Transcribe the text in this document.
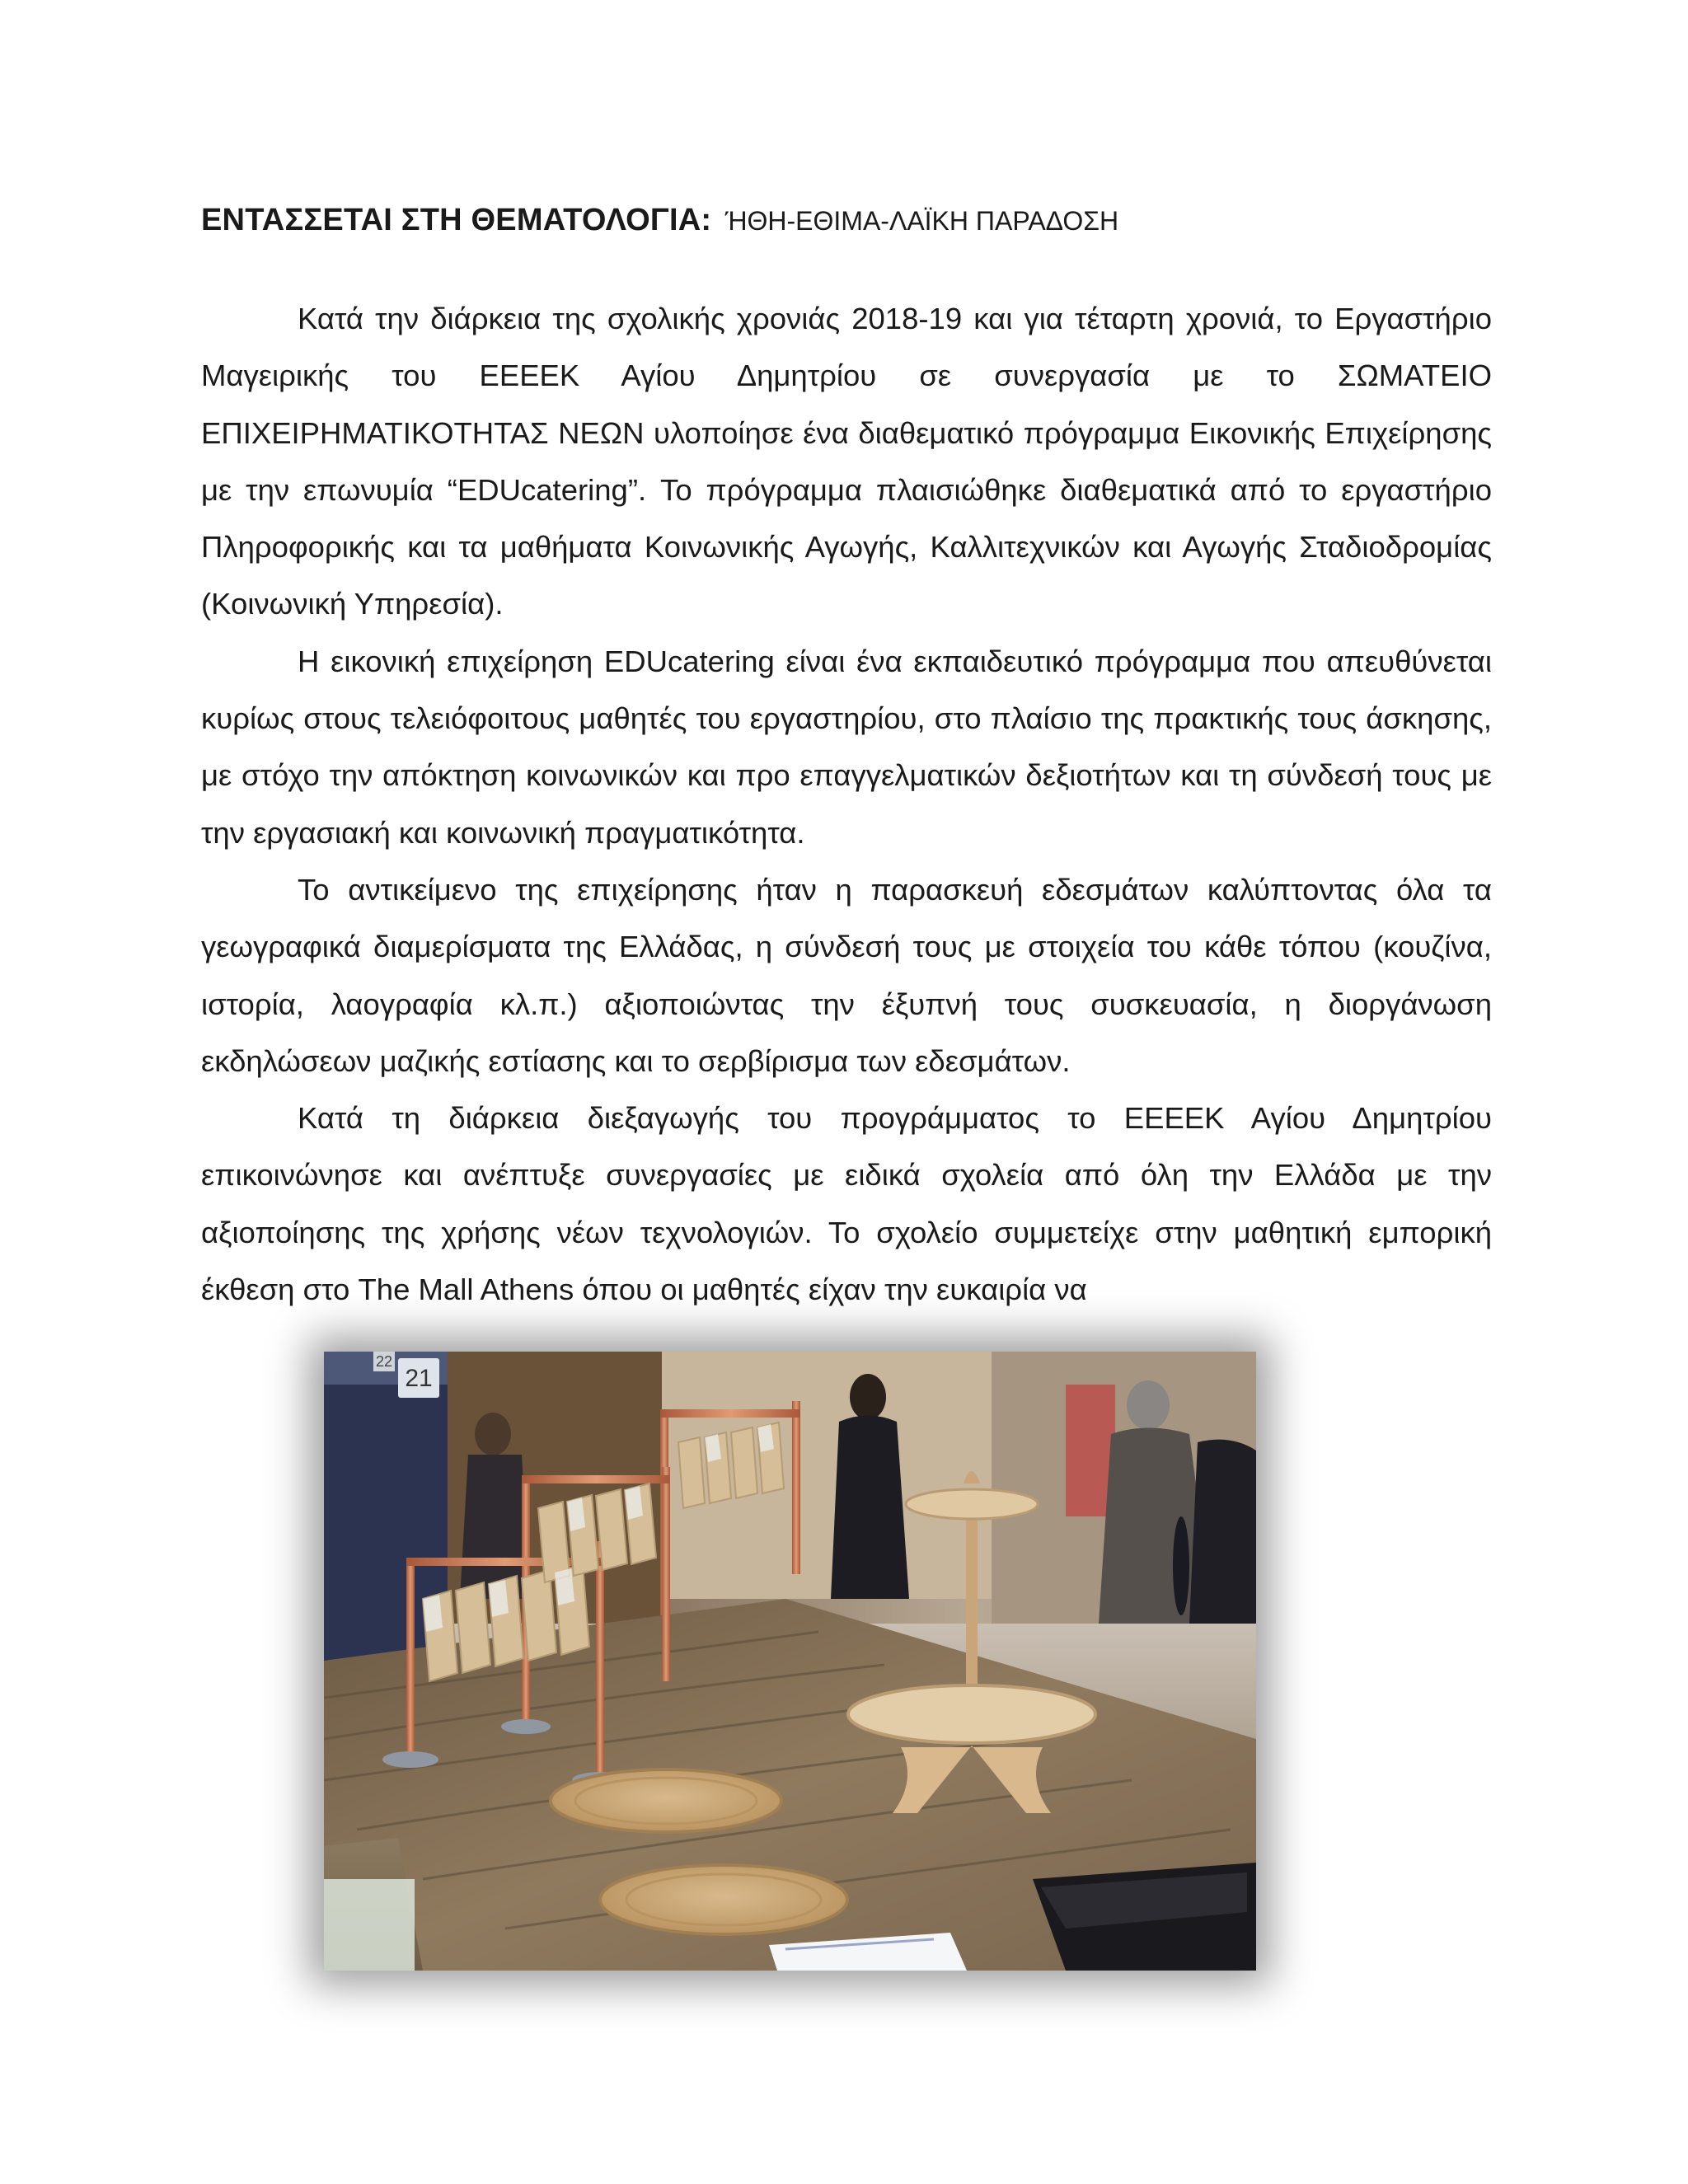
ΕΝΤΑΣΣΕΤΑΙ ΣΤΗ ΘΕΜΑΤΟΛΟΓΙΑ: ΉΘΗ-ΕΘΙΜΑ-ΛΑΪΚΗ ΠΑΡΑΔΟΣΗ

Κατά την διάρκεια της σχολικής χρονιάς 2018-19 και για τέταρτη χρονιά, το Εργαστήριο Μαγειρικής του ΕΕΕΕΚ Αγίου Δημητρίου σε συνεργασία με το ΣΩΜΑΤΕΙΟ ΕΠΙΧΕΙΡΗΜΑΤΙΚΟΤΗΤΑΣ ΝΕΩΝ υλοποίησε ένα διαθεματικό πρόγραμμα Εικονικής Επιχείρησης με την επωνυμία “EDUcatering”. Το πρόγραμμα πλαισιώθηκε διαθεματικά από το εργαστήριο Πληροφορικής και τα μαθήματα Κοινωνικής Αγωγής, Καλλιτεχνικών και Αγωγής Σταδιοδρομίας (Κοινωνική Υπηρεσία).

Η εικονική επιχείρηση EDUcatering είναι ένα εκπαιδευτικό πρόγραμμα που απευθύνεται κυρίως στους τελειόφοιτους μαθητές του εργαστηρίου, στο πλαίσιο της πρακτικής τους άσκησης, με στόχο την απόκτηση κοινωνικών και προ επαγγελματικών δεξιοτήτων και τη σύνδεσή τους με την εργασιακή και κοινωνική πραγματικότητα.

Το αντικείμενο της επιχείρησης ήταν η παρασκευή εδεσμάτων καλύπτοντας όλα τα γεωγραφικά διαμερίσματα της Ελλάδας, η σύνδεσή τους με στοιχεία του κάθε τόπου (κουζίνα, ιστορία, λαογραφία κλ.π.) αξιοποιώντας την έξυπνή τους συσκευασία, η διοργάνωση εκδηλώσεων μαζικής εστίασης και το σερβίρισμα των εδεσμάτων.

Κατά τη διάρκεια διεξαγωγής του προγράμματος το ΕΕΕΕΚ Αγίου Δημητρίου επικοινώνησε και ανέπτυξε συνεργασίες με ειδικά σχολεία από όλη την Ελλάδα με την αξιοποίησης της χρήσης νέων τεχνολογιών. Το σχολείο συμμετείχε στην μαθητική εμπορική έκθεση στο The Mall Athens όπου οι μαθητές είχαν την ευκαιρία να

21
22
